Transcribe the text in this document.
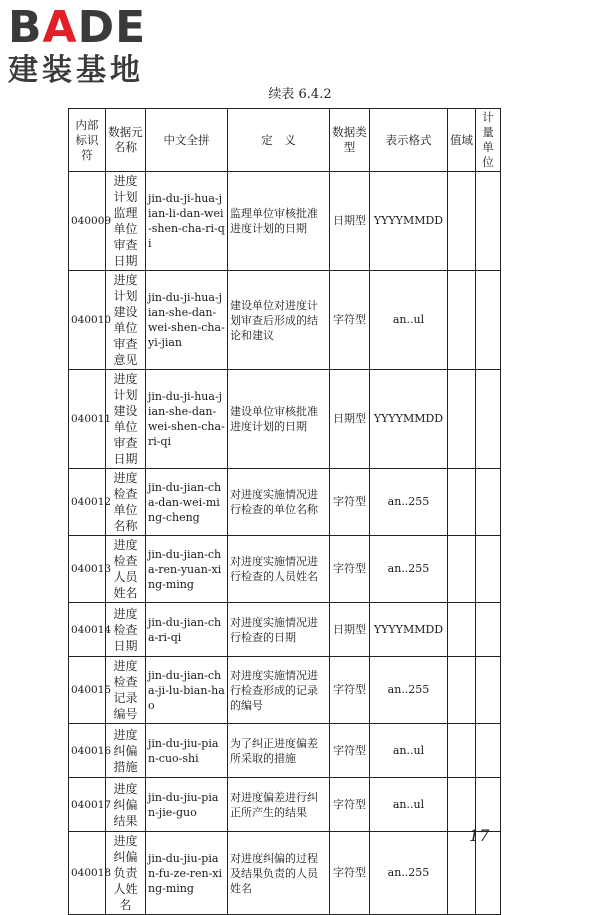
BADE
建装基地
续表 6.4.2
内部标识符	数据元名称	中文全拼	定　义	数据类型	表示格式	值域	计量单位
040009	进度计划监理单位审查日期	jin-du-ji-hua-jian-li-dan-wei-shen-cha-ri-qi	监理单位审核批准进度计划的日期	日期型	YYYYMMDD		
040010	进度计划建设单位审查意见	jin-du-ji-hua-jian-she-dan-wei-shen-cha-yi-jian	建设单位对进度计划审查后形成的结论和建议	字符型	an..ul		
040011	进度计划建设单位审查日期	jin-du-ji-hua-jian-she-dan-wei-shen-cha-ri-qi	建设单位审核批准进度计划的日期	日期型	YYYYMMDD		
040012	进度检查单位名称	jin-du-jian-cha-dan-wei-ming-cheng	对进度实施情况进行检查的单位名称	字符型	an..255		
040013	进度检查人员姓名	jin-du-jian-cha-ren-yuan-xing-ming	对进度实施情况进行检查的人员姓名	字符型	an..255		
040014	进度检查日期	jin-du-jian-cha-ri-qi	对进度实施情况进行检查的日期	日期型	YYYYMMDD		
040015	进度检查记录编号	jin-du-jian-cha-ji-lu-bian-hao	对进度实施情况进行检查形成的记录的编号	字符型	an..255		
040016	进度纠偏措施	jin-du-jiu-pian-cuo-shi	为了纠正进度偏差所采取的措施	字符型	an..ul		
040017	进度纠偏结果	jin-du-jiu-pian-jie-guo	对进度偏差进行纠正所产生的结果	字符型	an..ul		
040018	进度纠偏负责人姓名	jin-du-jiu-pian-fu-ze-ren-xing-ming	对进度纠偏的过程及结果负责的人员姓名	字符型	an..255		
17
